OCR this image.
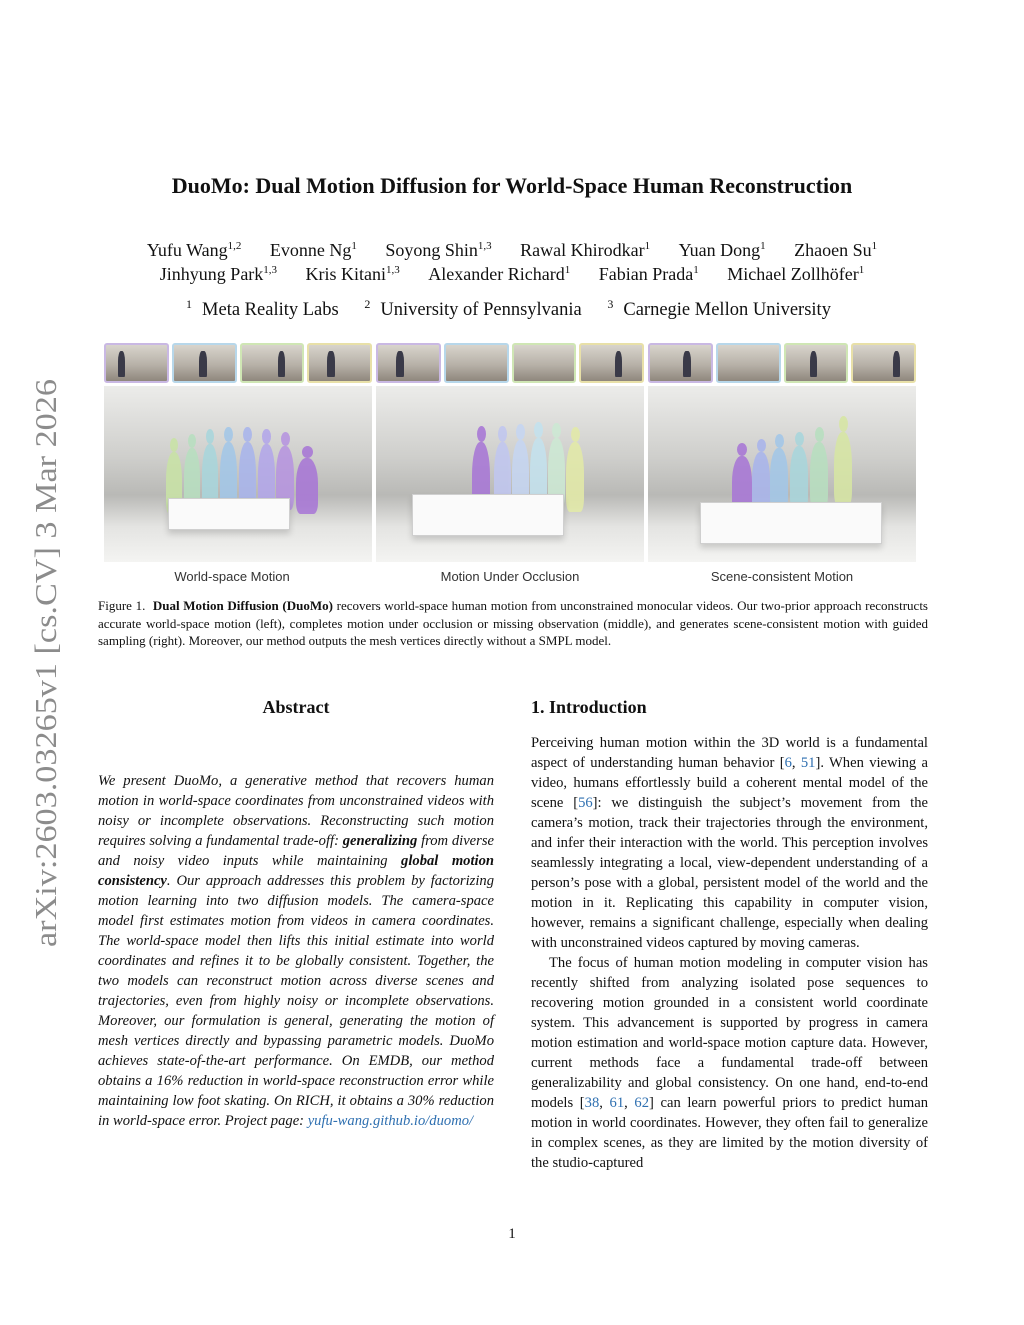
arXiv:2603.03265v1 [cs.CV] 3 Mar 2026
DuoMo: Dual Motion Diffusion for World-Space Human Reconstruction
Yufu Wang$^{1,2}$ Evonne Ng$^1$ Soyong Shin$^{1,3}$ Rawal Khirodkar$^1$ Yuan Dong$^1$ Zhaoen Su$^1$
Jinhyung Park$^{1,3}$ Kris Kitani$^{1,3}$ Alexander Richard$^1$ Fabian Prada$^1$ Michael Zollhöfer$^1$
$^1$ Meta Reality Labs $^2$ University of Pennsylvania $^3$ Carnegie Mellon University
World-space Motion	Motion Under Occlusion	Scene-consistent Motion
Figure 1. Dual Motion Diffusion (DuoMo) recovers world-space human motion from unconstrained monocular videos. Our two-prior approach reconstructs accurate world-space motion (left), completes motion under occlusion or missing observation (middle), and generates scene-consistent motion with guided sampling (right). Moreover, our method outputs the mesh vertices directly without a SMPL model.
Abstract
We present DuoMo, a generative method that recovers human motion in world-space coordinates from unconstrained videos with noisy or incomplete observations. Reconstructing such motion requires solving a fundamental trade-off: generalizing from diverse and noisy video inputs while maintaining global motion consistency. Our approach addresses this problem by factorizing motion learning into two diffusion models. The camera-space model first estimates motion from videos in camera coordinates. The world-space model then lifts this initial estimate into world coordinates and refines it to be globally consistent. Together, the two models can reconstruct motion across diverse scenes and trajectories, even from highly noisy or incomplete observations. Moreover, our formulation is general, generating the motion of mesh vertices directly and bypassing parametric models. DuoMo achieves state-of-the-art performance. On EMDB, our method obtains a 16% reduction in world-space reconstruction error while maintaining low foot skating. On RICH, it obtains a 30% reduction in world-space error. Project page: yufu-wang.github.io/duomo/
1. Introduction

Perceiving human motion within the 3D world is a fundamental aspect of understanding human behavior [6, 51]. When viewing a video, humans effortlessly build a coherent mental model of the scene [56]: we distinguish the subject’s movement from the camera’s motion, track their trajectories through the environment, and infer their interaction with the world. This perception involves seamlessly integrating a local, view-dependent understanding of a person’s pose with a global, persistent model of the world and the motion in it. Replicating this capability in computer vision, however, remains a significant challenge, especially when dealing with unconstrained videos captured by moving cameras.

The focus of human motion modeling in computer vision has recently shifted from analyzing isolated pose sequences to recovering motion grounded in a consistent world coordinate system. This advancement is supported by progress in camera motion estimation and world-space motion capture data. However, current methods face a fundamental trade-off between generalizability and global consistency. On one hand, end-to-end models [38, 61, 62] can learn powerful priors to predict human motion in world coordinates. However, they often fail to generalize in complex scenes, as they are limited by the motion diversity of the studio-captured

1
